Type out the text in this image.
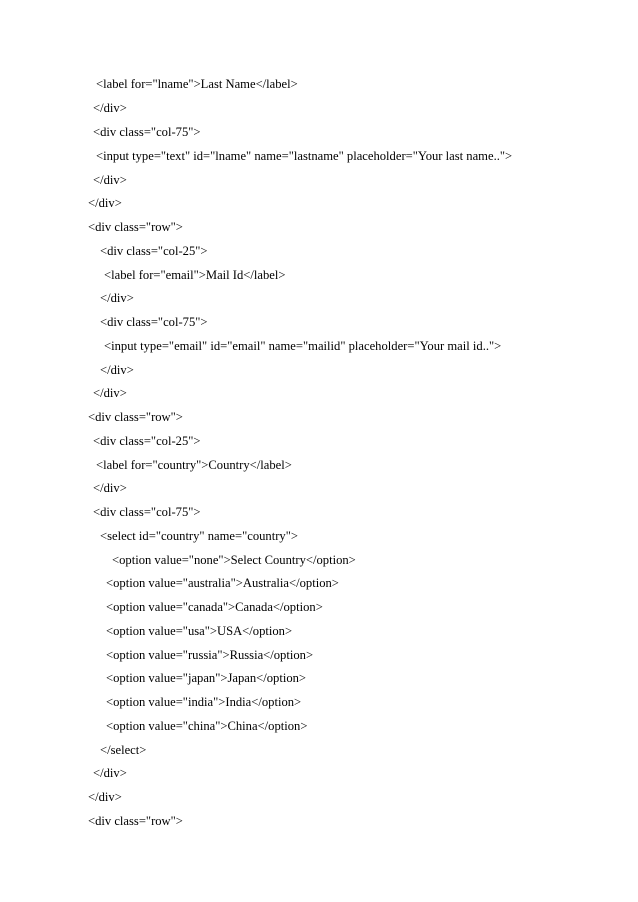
<label for="lname">Last Name</label>
</div>
<div class="col-75">
<input type="text" id="lname" name="lastname" placeholder="Your last name..">
</div>
</div>
<div class="row">
<div class="col-25">
<label for="email">Mail Id</label>
</div>
<div class="col-75">
<input type="email" id="email" name="mailid" placeholder="Your mail id..">
</div>
</div>
<div class="row">
<div class="col-25">
<label for="country">Country</label>
</div>
<div class="col-75">
<select id="country" name="country">
<option value="none">Select Country</option>
<option value="australia">Australia</option>
<option value="canada">Canada</option>
<option value="usa">USA</option>
<option value="russia">Russia</option>
<option value="japan">Japan</option>
<option value="india">India</option>
<option value="china">China</option>
</select>
</div>
</div>
<div class="row">
